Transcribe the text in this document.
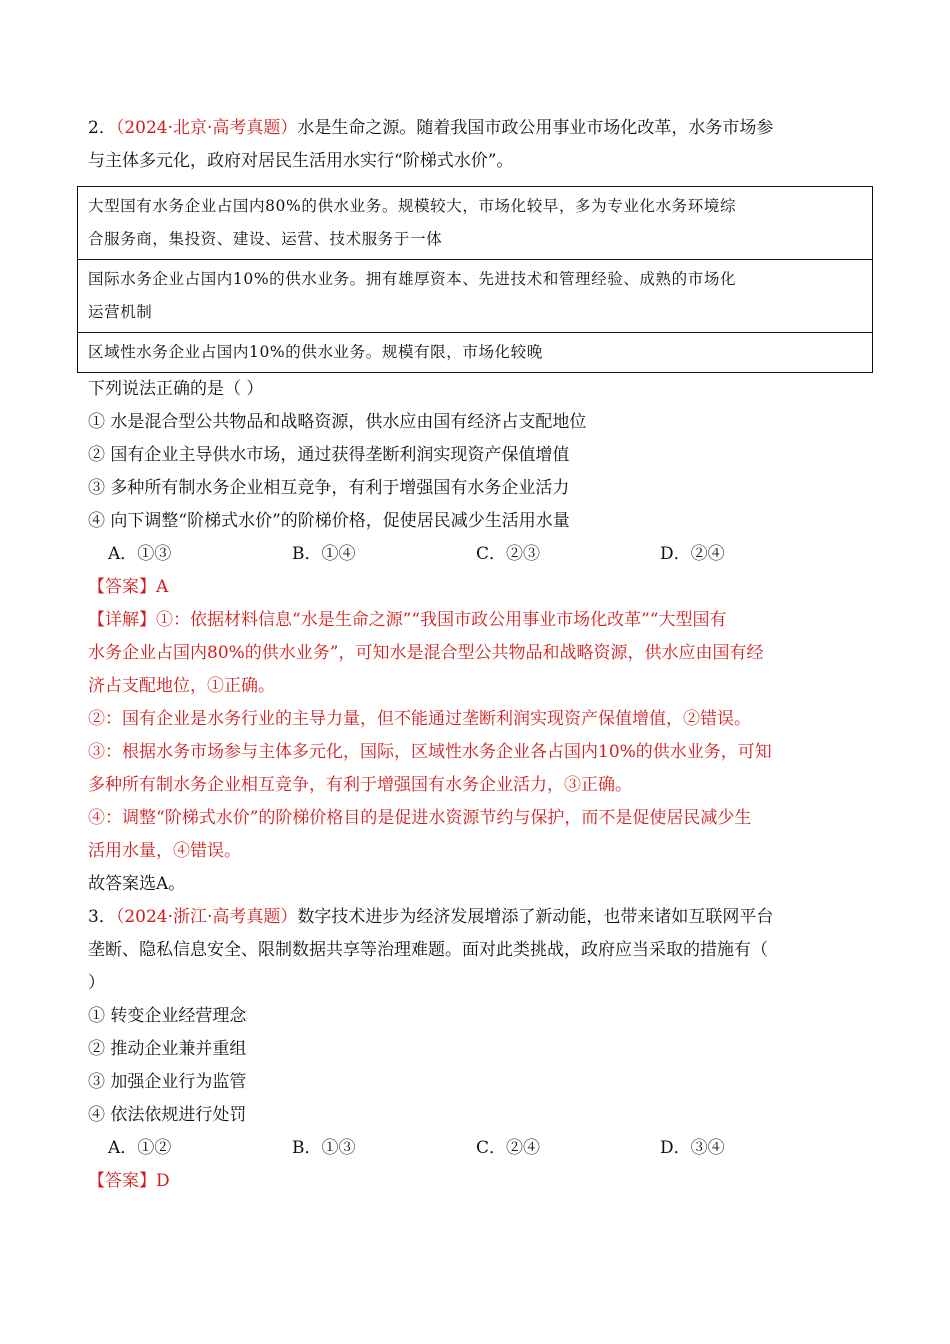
2．（2024·北京·高考真题）水是生命之源。随着我国市政公用事业市场化改革，水务市场参
与主体多元化，政府对居民生活用水实行“阶梯式水价”。
大型国有水务企业占国内80%的供水业务。规模较大，市场化较早，多为专业化水务环境综
合服务商，集投资、建设、运营、技术服务于一体
国际水务企业占国内10%的供水业务。拥有雄厚资本、先进技术和管理经验、成熟的市场化
运营机制
区域性水务企业占国内10%的供水业务。规模有限，市场化较晚
下列说法正确的是（ ）
① 水是混合型公共物品和战略资源，供水应由国有经济占支配地位
② 国有企业主导供水市场，通过获得垄断利润实现资产保值增值
③ 多种所有制水务企业相互竞争，有利于增强国有水务企业活力
④ 向下调整“阶梯式水价”的阶梯价格，促使居民减少生活用水量
A．①③	B．①④	C．②③	D．②④
【答案】A
【详解】①：依据材料信息“水是生命之源”“我国市政公用事业市场化改革”“大型国有
水务企业占国内80%的供水业务”，可知水是混合型公共物品和战略资源，供水应由国有经
济占支配地位，①正确。
②：国有企业是水务行业的主导力量，但不能通过垄断利润实现资产保值增值，②错误。
③：根据水务市场参与主体多元化，国际，区域性水务企业各占国内10%的供水业务，可知
多种所有制水务企业相互竞争，有利于增强国有水务企业活力，③正确。
④：调整“阶梯式水价”的阶梯价格目的是促进水资源节约与保护，而不是促使居民减少生
活用水量，④错误。
故答案选A。
3．（2024·浙江·高考真题）数字技术进步为经济发展增添了新动能，也带来诸如互联网平台
垄断、隐私信息安全、限制数据共享等治理难题。面对此类挑战，政府应当采取的措施有（
）
① 转变企业经营理念
② 推动企业兼并重组
③ 加强企业行为监管
④ 依法依规进行处罚
A．①②	B．①③	C．②④	D．③④
【答案】D
